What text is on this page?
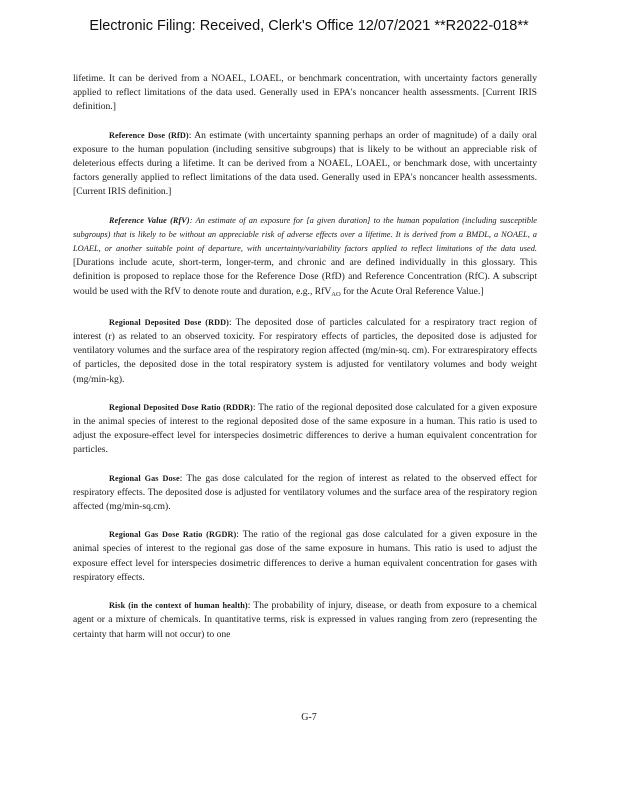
Electronic Filing: Received, Clerk's Office 12/07/2021 **R2022-018**

lifetime. It can be derived from a NOAEL, LOAEL, or benchmark concentration, with uncertainty factors generally applied to reflect limitations of the data used. Generally used in EPA's noncancer health assessments. [Current IRIS definition.]

Reference Dose (RfD): An estimate (with uncertainty spanning perhaps an order of magnitude) of a daily oral exposure to the human population (including sensitive subgroups) that is likely to be without an appreciable risk of deleterious effects during a lifetime. It can be derived from a NOAEL, LOAEL, or benchmark dose, with uncertainty factors generally applied to reflect limitations of the data used. Generally used in EPA's noncancer health assessments. [Current IRIS definition.]

Reference Value (RfV): An estimate of an exposure for [a given duration] to the human population (including susceptible subgroups) that is likely to be without an appreciable risk of adverse effects over a lifetime. It is derived from a BMDL, a NOAEL, a LOAEL, or another suitable point of departure, with uncertainty/variability factors applied to reflect limitations of the data used. [Durations include acute, short-term, longer-term, and chronic and are defined individually in this glossary. This definition is proposed to replace those for the Reference Dose (RfD) and Reference Concentration (RfC). A subscript would be used with the RfV to denote route and duration, e.g., RfV$_{AO}$ for the Acute Oral Reference Value.]

Regional Deposited Dose (RDD): The deposited dose of particles calculated for a respiratory tract region of interest (r) as related to an observed toxicity. For respiratory effects of particles, the deposited dose is adjusted for ventilatory volumes and the surface area of the respiratory region affected (mg/min-sq. cm). For extrarespiratory effects of particles, the deposited dose in the total respiratory system is adjusted for ventilatory volumes and body weight (mg/min-kg).

Regional Deposited Dose Ratio (RDDR): The ratio of the regional deposited dose calculated for a given exposure in the animal species of interest to the regional deposited dose of the same exposure in a human. This ratio is used to adjust the exposure-effect level for interspecies dosimetric differences to derive a human equivalent concentration for particles.

Regional Gas Dose: The gas dose calculated for the region of interest as related to the observed effect for respiratory effects. The deposited dose is adjusted for ventilatory volumes and the surface area of the respiratory region affected (mg/min-sq.cm).

Regional Gas Dose Ratio (RGDR): The ratio of the regional gas dose calculated for a given exposure in the animal species of interest to the regional gas dose of the same exposure in humans. This ratio is used to adjust the exposure effect level for interspecies dosimetric differences to derive a human equivalent concentration for gases with respiratory effects.

Risk (in the context of human health): The probability of injury, disease, or death from exposure to a chemical agent or a mixture of chemicals. In quantitative terms, risk is expressed in values ranging from zero (representing the certainty that harm will not occur) to one

G-7
